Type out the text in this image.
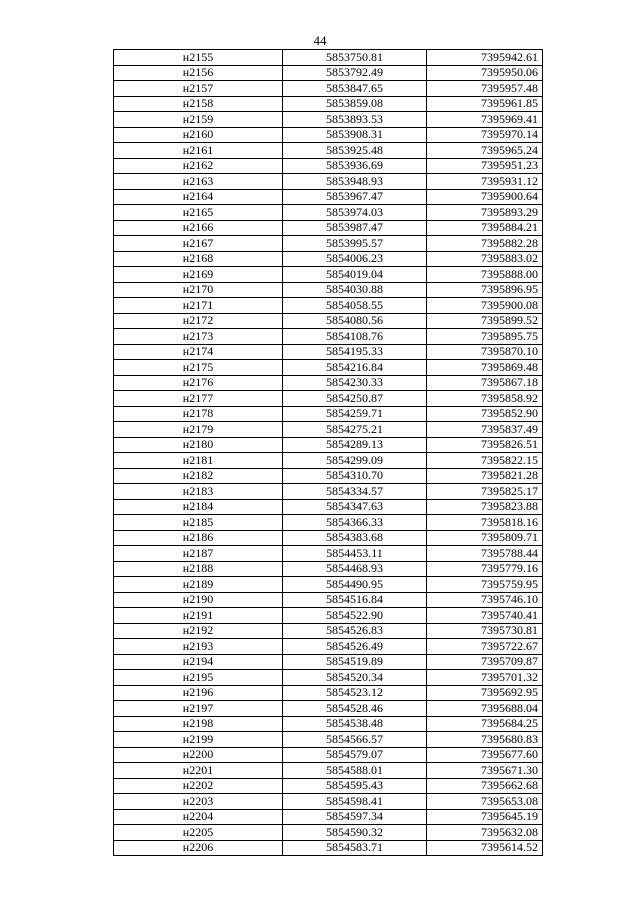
44
н2155	5853750.81	7395942.61
н2156	5853792.49	7395950.06
н2157	5853847.65	7395957.48
н2158	5853859.08	7395961.85
н2159	5853893.53	7395969.41
н2160	5853908.31	7395970.14
н2161	5853925.48	7395965.24
н2162	5853936.69	7395951.23
н2163	5853948.93	7395931.12
н2164	5853967.47	7395900.64
н2165	5853974.03	7395893.29
н2166	5853987.47	7395884.21
н2167	5853995.57	7395882.28
н2168	5854006.23	7395883.02
н2169	5854019.04	7395888.00
н2170	5854030.88	7395896.95
н2171	5854058.55	7395900.08
н2172	5854080.56	7395899.52
н2173	5854108.76	7395895.75
н2174	5854195.33	7395870.10
н2175	5854216.84	7395869.48
н2176	5854230.33	7395867.18
н2177	5854250.87	7395858.92
н2178	5854259.71	7395852.90
н2179	5854275.21	7395837.49
н2180	5854289.13	7395826.51
н2181	5854299.09	7395822.15
н2182	5854310.70	7395821.28
н2183	5854334.57	7395825.17
н2184	5854347.63	7395823.88
н2185	5854366.33	7395818.16
н2186	5854383.68	7395809.71
н2187	5854453.11	7395788.44
н2188	5854468.93	7395779.16
н2189	5854490.95	7395759.95
н2190	5854516.84	7395746.10
н2191	5854522.90	7395740.41
н2192	5854526.83	7395730.81
н2193	5854526.49	7395722.67
н2194	5854519.89	7395709.87
н2195	5854520.34	7395701.32
н2196	5854523.12	7395692.95
н2197	5854528.46	7395688.04
н2198	5854538.48	7395684.25
н2199	5854566.57	7395680.83
н2200	5854579.07	7395677.60
н2201	5854588.01	7395671.30
н2202	5854595.43	7395662.68
н2203	5854598.41	7395653.08
н2204	5854597.34	7395645.19
н2205	5854590.32	7395632.08
н2206	5854583.71	7395614.52
